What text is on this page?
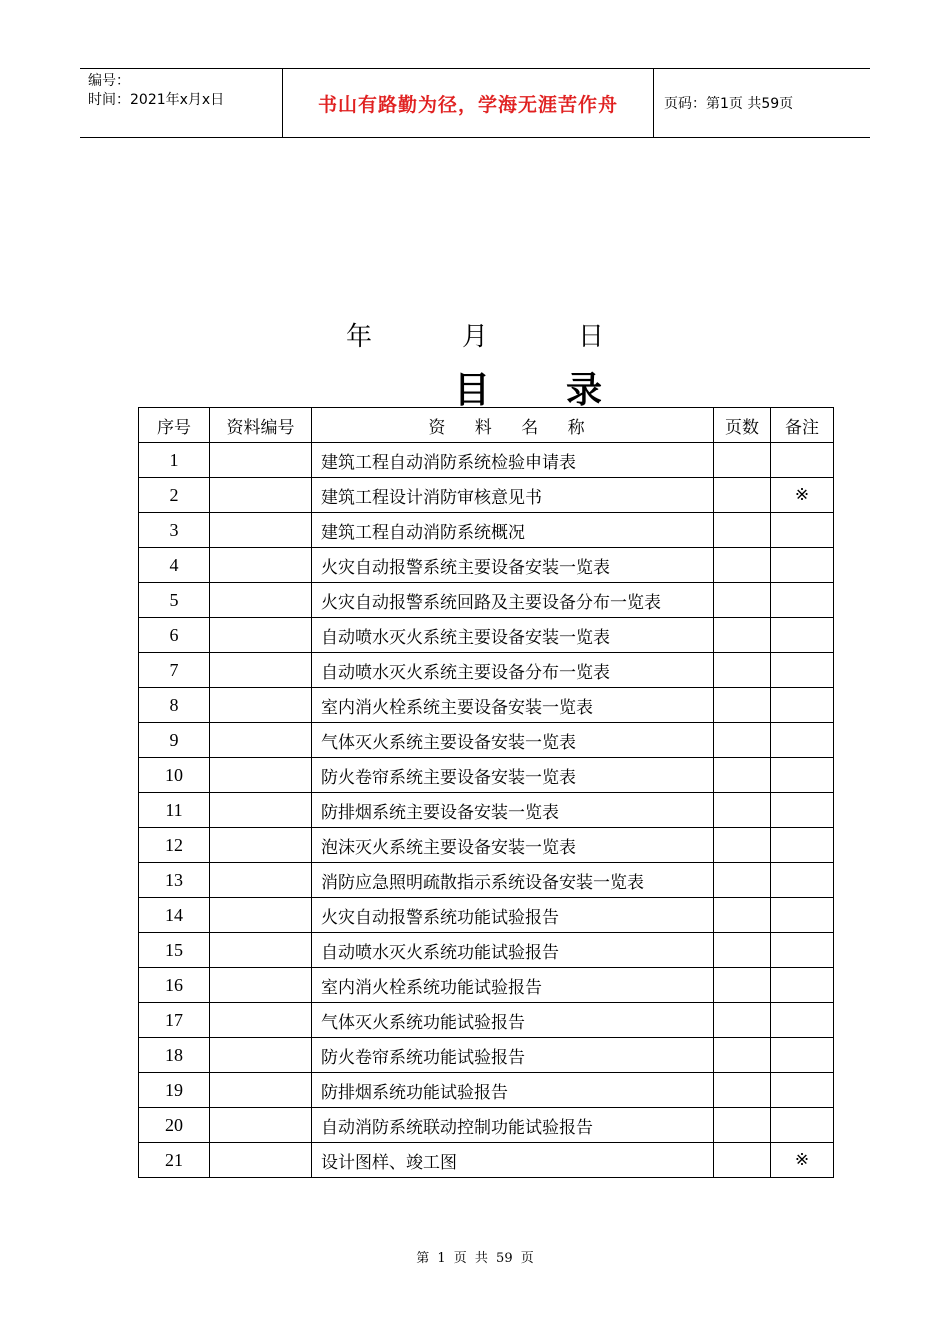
编号：
时间：2021年x月x日	书山有路勤为径，学海无涯苦作舟	页码：第1页 共59页
年	月	日
目 录
序号	资料编号	资 料 名 称	页数	备注
1		建筑工程自动消防系统检验申请表		
2		建筑工程设计消防审核意见书		※
3		建筑工程自动消防系统概况		
4		火灾自动报警系统主要设备安装一览表		
5		火灾自动报警系统回路及主要设备分布一览表		
6		自动喷水灭火系统主要设备安装一览表		
7		自动喷水灭火系统主要设备分布一览表		
8		室内消火栓系统主要设备安装一览表		
9		气体灭火系统主要设备安装一览表		
10		防火卷帘系统主要设备安装一览表		
11		防排烟系统主要设备安装一览表		
12		泡沫灭火系统主要设备安装一览表		
13		消防应急照明疏散指示系统设备安装一览表		
14		火灾自动报警系统功能试验报告		
15		自动喷水灭火系统功能试验报告		
16		室内消火栓系统功能试验报告		
17		气体灭火系统功能试验报告		
18		防火卷帘系统功能试验报告		
19		防排烟系统功能试验报告		
20		自动消防系统联动控制功能试验报告		
21		设计图样、竣工图		※
第 1 页 共 59 页
